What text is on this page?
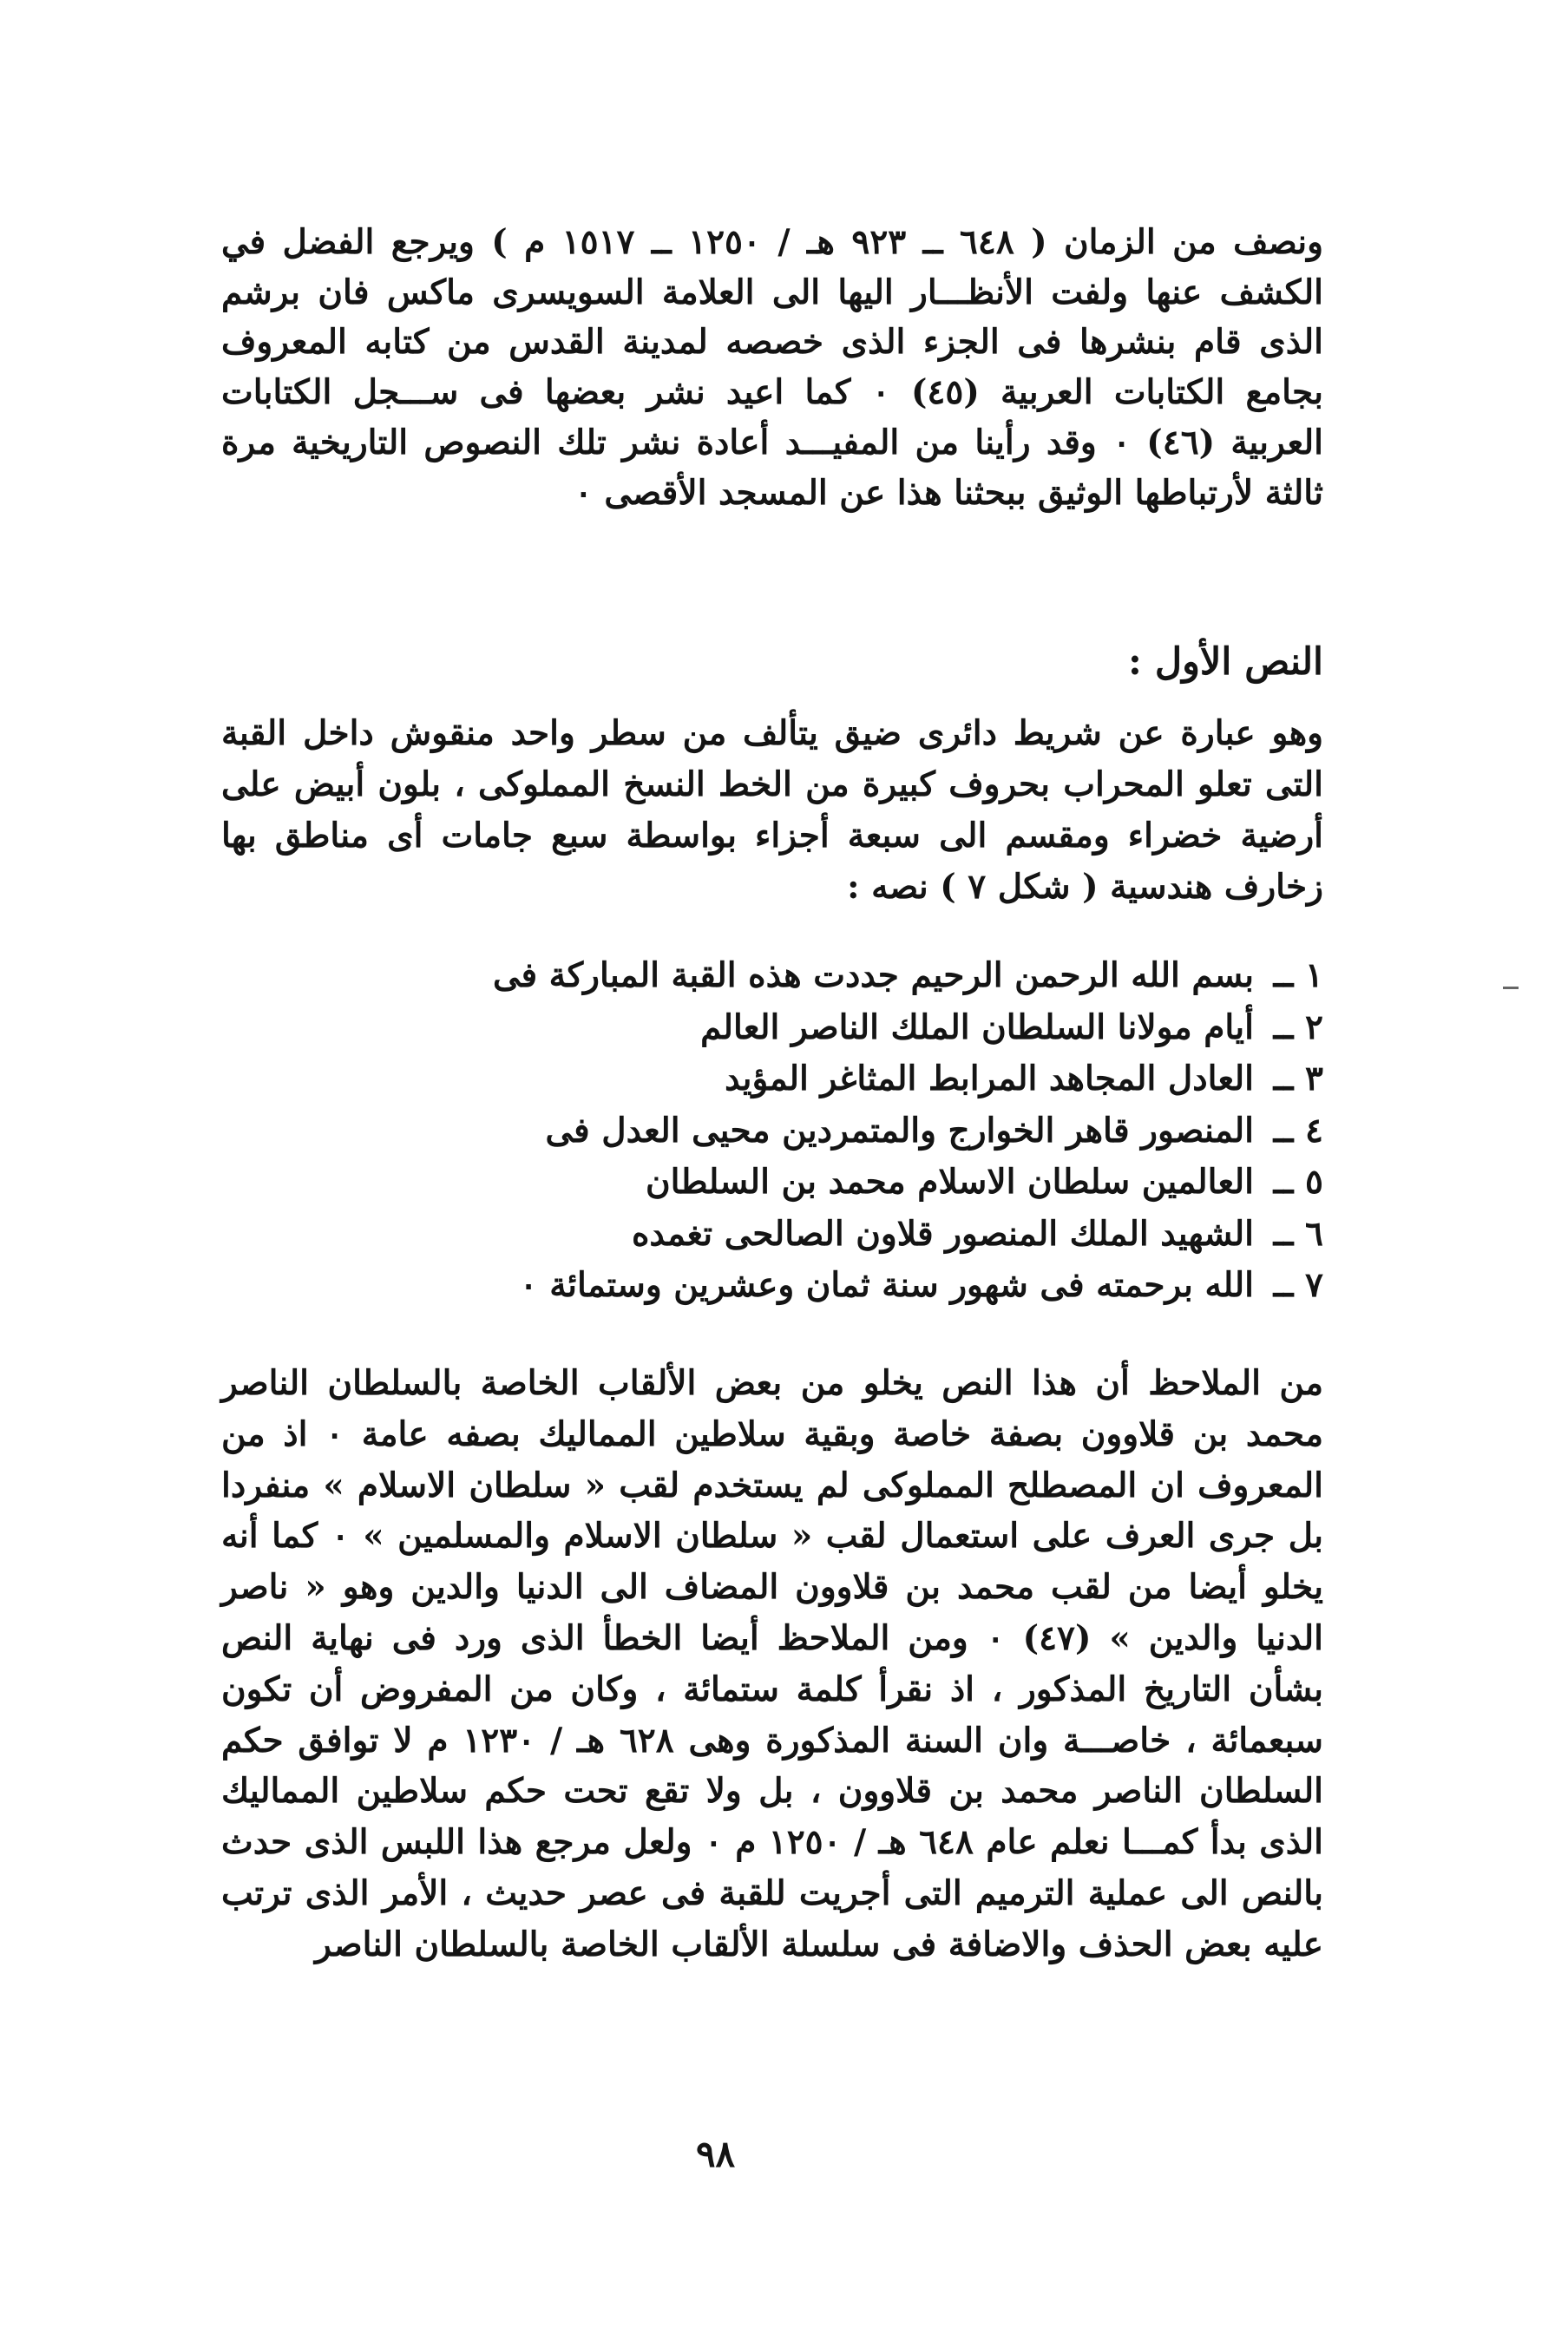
ونصف من الزمان ( ٦٤٨ ــ ٩٢٣ هـ / ١٢٥٠ ــ ١٥١٧ م ) ويرجع الفضل في الكشف عنها ولفت الأنظـــار اليها الى العلامة السويسرى ماكس فان برشم الذى قام بنشرها فى الجزء الذى خصصه لمدينة القدس من كتابه المعروف بجامع الكتابات العربية (٤٥) ٠ كما اعيد نشر بعضها فى ســـجل الكتابات العربية (٤٦) ٠ وقد رأينا من المفيـــد أعادة نشر تلك النصوص التاريخية مرة ثالثة لأرتباطها الوثيق ببحثنا هذا عن المسجد الأقصى ٠

النص الأول :

وهو عبارة عن شريط دائرى ضيق يتألف من سطر واحد منقوش داخل القبة التى تعلو المحراب بحروف كبيرة من الخط النسخ المملوكى ، بلون أبيض على أرضية خضراء ومقسم الى سبعة أجزاء بواسطة سبع جامات أى مناطق بها زخارف هندسية ( شكل ٧ ) نصه :

١ ــبسم الله الرحمن الرحيم جددت هذه القبة المباركة فى
٢ ــأيام مولانا السلطان الملك الناصر العالم
٣ ــالعادل المجاهد المرابط المثاغر المؤيد
٤ ــالمنصور قاهر الخوارج والمتمردين محيى العدل فى
٥ ــالعالمين سلطان الاسلام محمد بن السلطان
٦ ــالشهيد الملك المنصور قلاون الصالحى تغمده
٧ ــالله برحمته فى شهور سنة ثمان وعشرين وستمائة ٠

من الملاحظ أن هذا النص يخلو من بعض الألقاب الخاصة بالسلطان الناصر محمد بن قلاوون بصفة خاصة وبقية سلاطين المماليك بصفه عامة ٠ اذ من المعروف ان المصطلح المملوكى لم يستخدم لقب « سلطان الاسلام » منفردا بل جرى العرف على استعمال لقب « سلطان الاسلام والمسلمين » ٠ كما أنه يخلو أيضا من لقب محمد بن قلاوون المضاف الى الدنيا والدين وهو « ناصر الدنيا والدين » (٤٧) ٠ ومن الملاحظ أيضا الخطأ الذى ورد فى نهاية النص بشأن التاريخ المذكور ، اذ نقرأ كلمة ستمائة ، وكان من المفروض أن تكون سبعمائة ، خاصـــة وان السنة المذكورة وهى ٦٢٨ هـ / ١٢٣٠ م لا توافق حكم السلطان الناصر محمد بن قلاوون ، بل ولا تقع تحت حكم سلاطين المماليك الذى بدأ كمـــا نعلم عام ٦٤٨ هـ / ١٢٥٠ م ٠ ولعل مرجع هذا اللبس الذى حدث بالنص الى عملية الترميم التى أجريت للقبة فى عصر حديث ، الأمر الذى ترتب عليه بعض الحذف والاضافة فى سلسلة الألقاب الخاصة بالسلطان الناصر

٩٨
